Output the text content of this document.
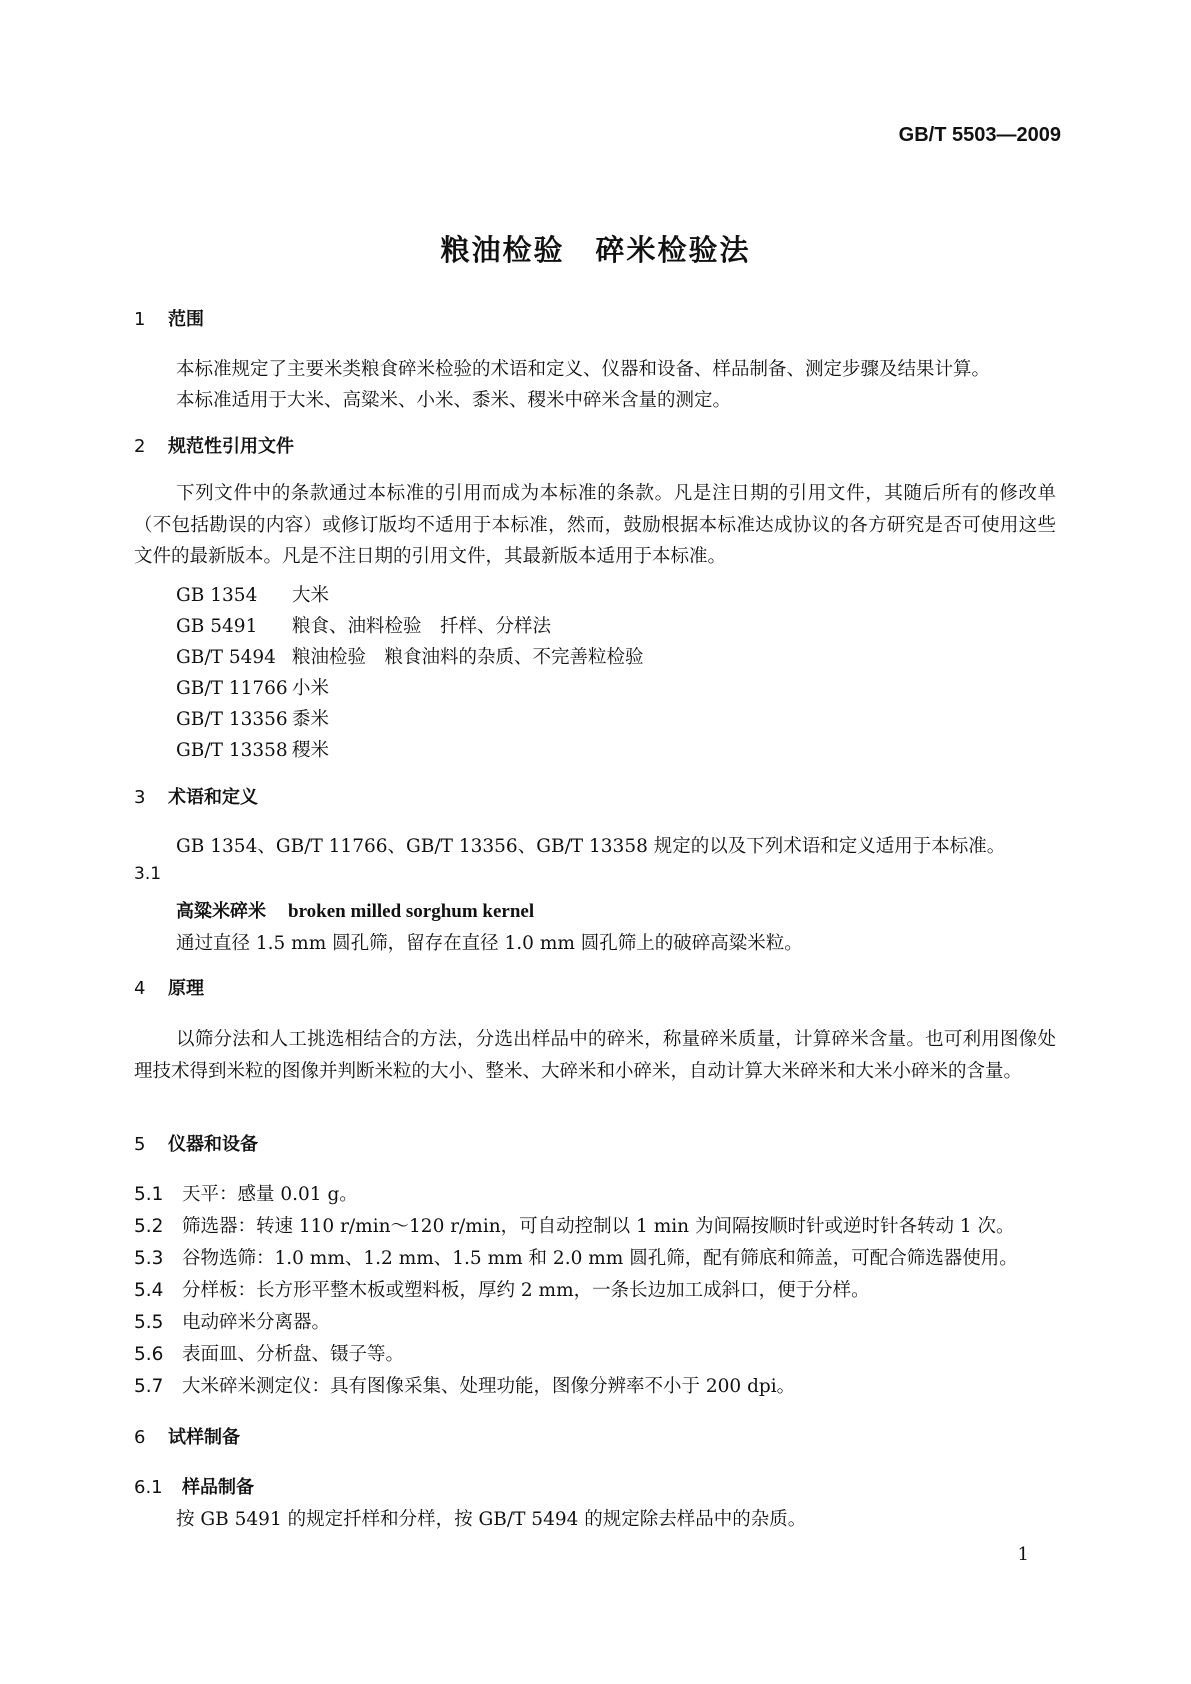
GB/T 5503—2009
粮油检验　碎米检验法
1 范围
本标准规定了主要米类粮食碎米检验的术语和定义、仪器和设备、样品制备、测定步骤及结果计算。
本标准适用于大米、高粱米、小米、黍米、稷米中碎米含量的测定。
2 规范性引用文件
下列文件中的条款通过本标准的引用而成为本标准的条款。凡是注日期的引用文件，其随后所有的修改单（不包括勘误的内容）或修订版均不适用于本标准，然而，鼓励根据本标准达成协议的各方研究是否可使用这些文件的最新版本。凡是不注日期的引用文件，其最新版本适用于本标准。
GB 1354 大米
GB 5491 粮食、油料检验　扦样、分样法
GB/T 5494 粮油检验　粮食油料的杂质、不完善粒检验
GB/T 11766 小米
GB/T 13356 黍米
GB/T 13358 稷米
3 术语和定义
GB 1354、GB/T 11766、GB/T 13356、GB/T 13358 规定的以及下列术语和定义适用于本标准。
3.1
高粱米碎米 broken milled sorghum kernel
通过直径 1.5 mm 圆孔筛，留存在直径 1.0 mm 圆孔筛上的破碎高粱米粒。
4 原理
以筛分法和人工挑选相结合的方法，分选出样品中的碎米，称量碎米质量，计算碎米含量。也可利用图像处理技术得到米粒的图像并判断米粒的大小、整米、大碎米和小碎米，自动计算大米碎米和大米小碎米的含量。
5 仪器和设备
5.1 天平：感量 0.01 g。
5.2 筛选器：转速 110 r/min～120 r/min，可自动控制以 1 min 为间隔按顺时针或逆时针各转动 1 次。
5.3 谷物选筛：1.0 mm、1.2 mm、1.5 mm 和 2.0 mm 圆孔筛，配有筛底和筛盖，可配合筛选器使用。
5.4 分样板：长方形平整木板或塑料板，厚约 2 mm，一条长边加工成斜口，便于分样。
5.5 电动碎米分离器。
5.6 表面皿、分析盘、镊子等。
5.7 大米碎米测定仪：具有图像采集、处理功能，图像分辨率不小于 200 dpi。
6 试样制备
6.1 样品制备
按 GB 5491 的规定扦样和分样，按 GB/T 5494 的规定除去样品中的杂质。
1
